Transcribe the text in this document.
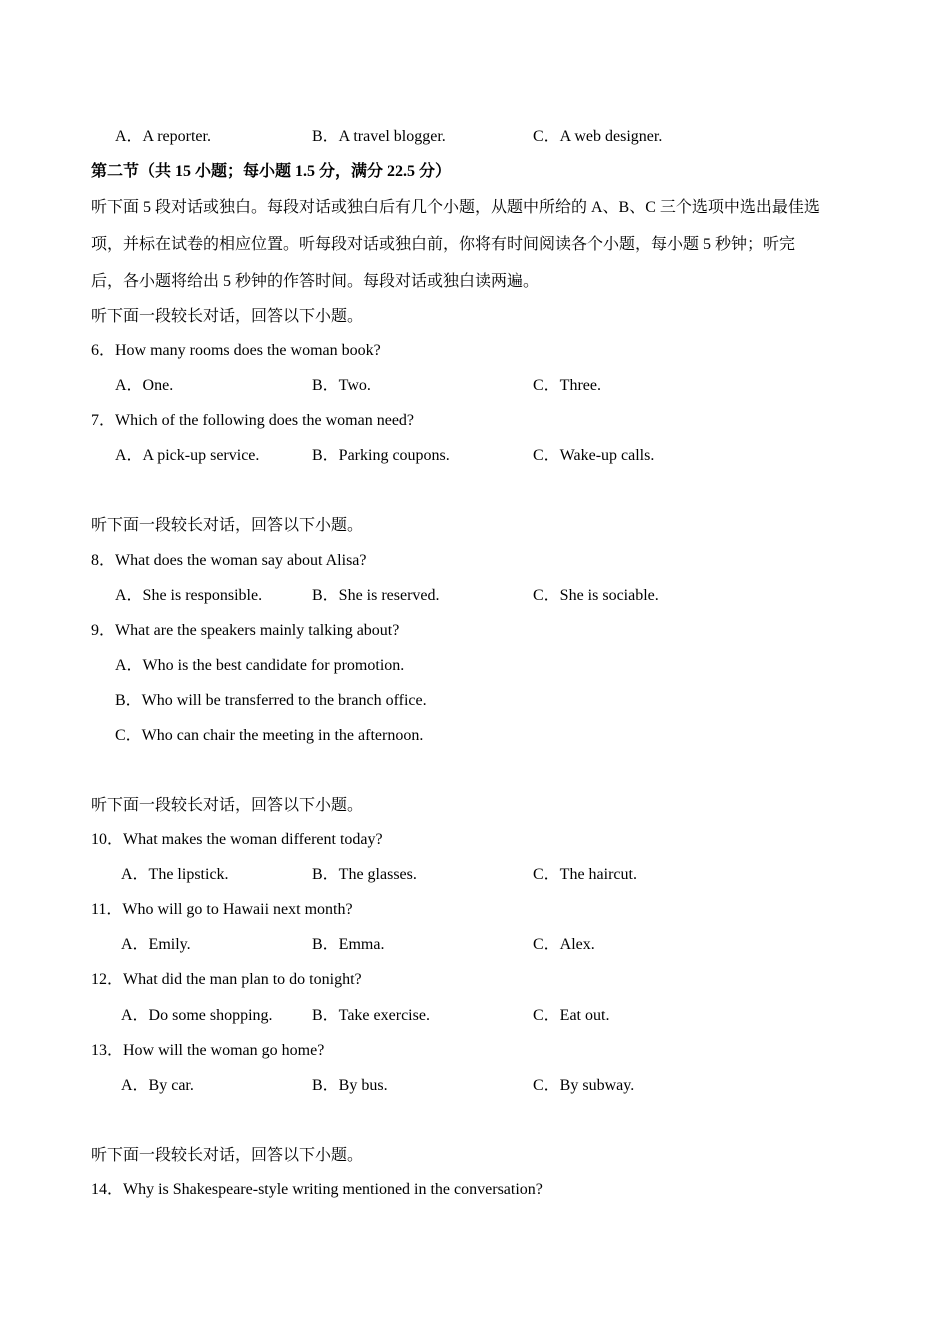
A．A reporter.	B．A travel blogger.	C．A web designer.
第二节（共 15 小题；每小题 1.5 分，满分 22.5 分）
听下面 5 段对话或独白。每段对话或独白后有几个小题，从题中所给的 A、B、C 三个选项中选出最佳选
项，并标在试卷的相应位置。听每段对话或独白前，你将有时间阅读各个小题，每小题 5 秒钟；听完
后，各小题将给出 5 秒钟的作答时间。每段对话或独白读两遍。
听下面一段较长对话，回答以下小题。
6．How many rooms does the woman book?
A．One.	B．Two.	C．Three.
7．Which of the following does the woman need?
A．A pick-up service.	B．Parking coupons.	C．Wake-up calls.
听下面一段较长对话，回答以下小题。
8．What does the woman say about Alisa?
A．She is responsible.	B．She is reserved.	C．She is sociable.
9．What are the speakers mainly talking about?
A．Who is the best candidate for promotion.
B．Who will be transferred to the branch office.
C．Who can chair the meeting in the afternoon.
听下面一段较长对话，回答以下小题。
10．What makes the woman different today?
A．The lipstick.	B．The glasses.	C．The haircut.
11．Who will go to Hawaii next month?
A．Emily.	B．Emma.	C．Alex.
12．What did the man plan to do tonight?
A．Do some shopping. B．Take exercise.	C．Eat out.
13．How will the woman go home?
A．By car.	B．By bus.	C．By subway.
听下面一段较长对话，回答以下小题。
14．Why is Shakespeare-style writing mentioned in the conversation?
